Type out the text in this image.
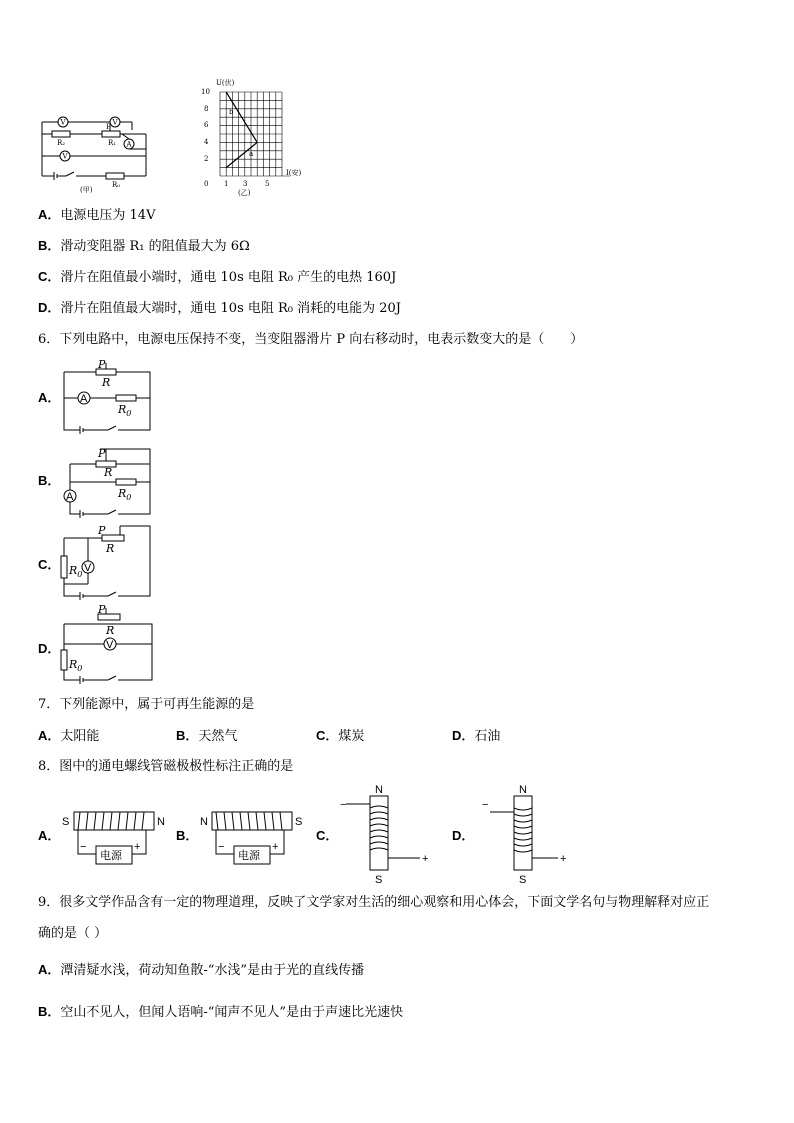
V	V
A
V
R₂
P
R₁
R₀
(甲)
U(伏)
I(安)
10
8
6
4
2
0 1 3	5
b
a
(乙)
A．电源电压为 14V
B．滑动变阻器 R₁ 的阻值最大为 6Ω
C．滑片在阻值最小端时，通电 10s 电阻 R₀ 产生的电热 160J
D．滑片在阻值最大端时，通电 10s 电阻 R₀ 消耗的电能为 20J
6．下列电路中，电源电压保持不变，当变阻器滑片 P 向右移动时，电表示数变大的是（　　）
A．
P
R
A
$R_0$
B．
P
R
A	$R_0$
C．
P
R
$R_0$
V
D．
P
R
V
$R_0$
7．下列能源中，属于可再生能源的是
A．太阳能	B．天然气	C．煤炭	D．石油
8．图中的通电螺线管磁极极性标注正确的是
A．
S	N
电源
−	+
B．
N	S
电源
−	+
C．
N
S
−
+
D．
N
S
−
+
9．很多文学作品含有一定的物理道理，反映了文学家对生活的细心观察和用心体会，下面文学名句与物理解释对应正
确的是（ ）
A．潭清疑水浅，荷动知鱼散-“水浅”是由于光的直线传播
B．空山不见人，但闻人语响-“闻声不见人”是由于声速比光速快
